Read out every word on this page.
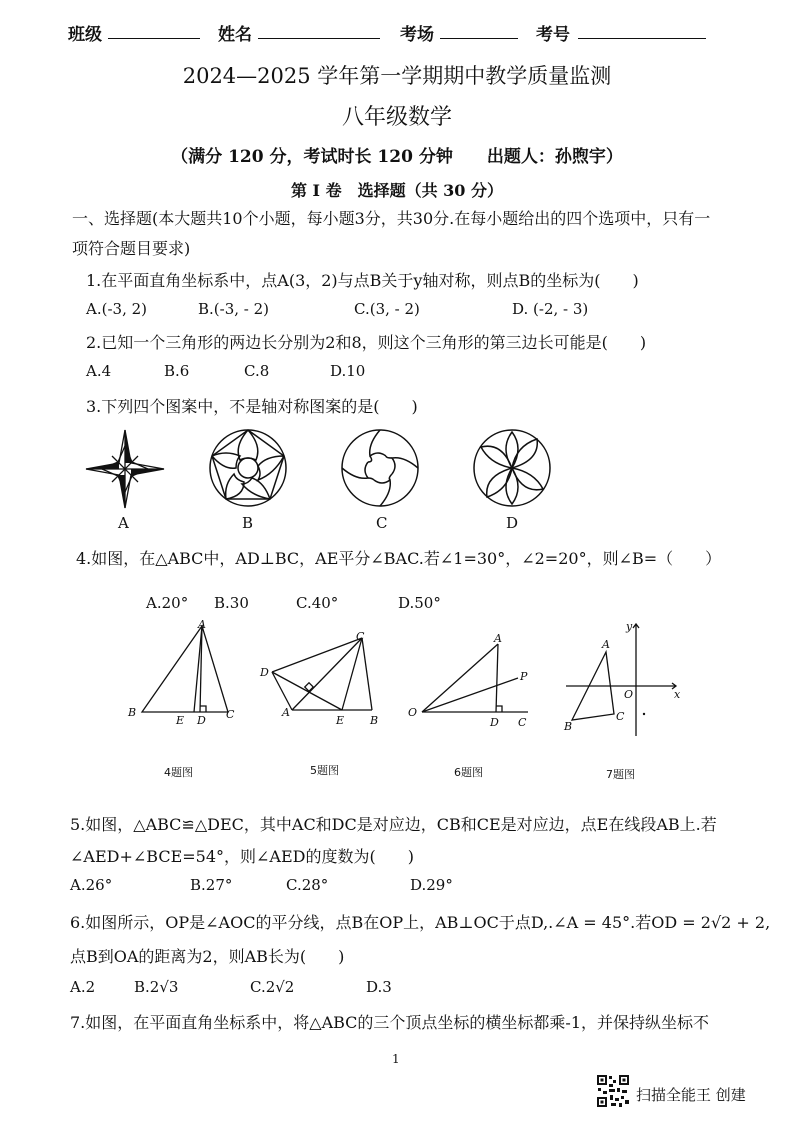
班级	姓名	考场	考号
2024—2025 学年第一学期期中教学质量监测
八年级数学
（满分 120 分，考试时长 120 分钟　　出题人：孙煦宇）
第 Ⅰ 卷　选择题（共 30 分）
一、选择题(本大题共10个小题，每小题3分，共30分.在每小题给出的四个选项中，只有一
项符合题目要求)
1.在平面直角坐标系中，点A(3，2)与点B关于y轴对称，则点B的坐标为(　　)
A.(-3, 2)	B.(-3, - 2)	C.(3, - 2)	D. (-2, - 3)
2.已知一个三角形的两边长分别为2和8，则这个三角形的第三边长可能是(　　)
A.4	B.6	C.8	D.10
3.下列四个图案中，不是轴对称图案的是(　　)
A	B	C	D
4.如图，在△ABC中，AD⊥BC，AE平分∠BAC.若∠1=30°，∠2=20°，则∠B=（　　）
A.20° B.30	C.40°	D.50°
A
B
E D C
C
D
A
E B
A
P
O
D C
y
A
O	x
B
C
4题图	5题图	6题图	7题图
5.如图，△ABC≌△DEC，其中AC和DC是对应边，CB和CE是对应边，点E在线段AB上.若
∠AED+∠BCE=54°，则∠AED的度数为(　　)
A.26°	B.27°	C.28°	D.29°
6.如图所示，OP是∠AOC的平分线，点B在OP上，AB⊥OC于点D,.∠A = 45°.若OD = 2√2 + 2,
点B到OA的距离为2，则AB长为(　　)
A.2	B.2√3	C.2√2	D.3
7.如图，在平面直角坐标系中，将△ABC的三个顶点坐标的横坐标都乘-1，并保持纵坐标不
1
扫描全能王 创建
